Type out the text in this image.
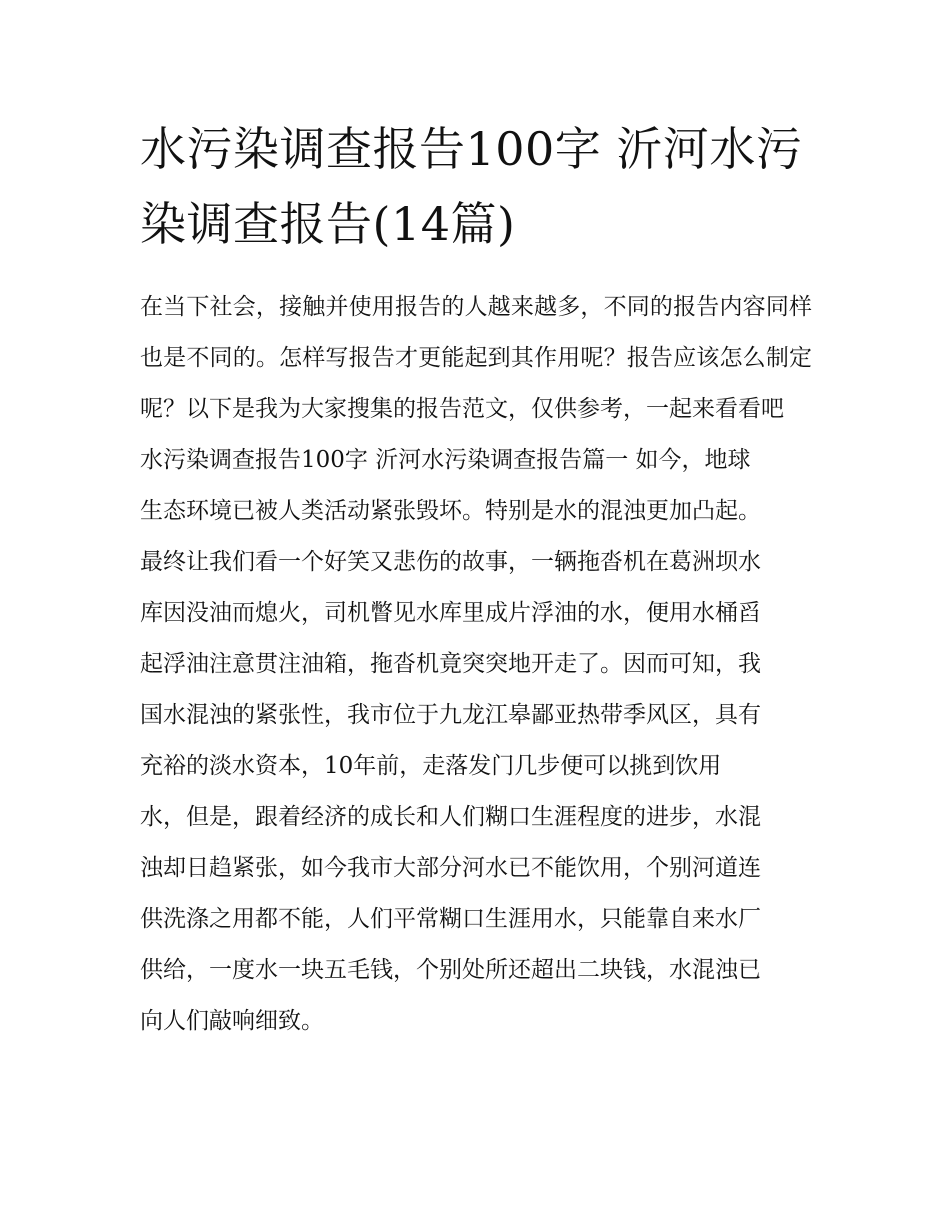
水污染调查报告100字 沂河水污染调查报告(14篇)

在当下社会，接触并使用报告的人越来越多，不同的报告内容同样也是不同的。怎样写报告才更能起到其作用呢？报告应该怎么制定呢？以下是我为大家搜集的报告范文，仅供参考，一起来看看吧

水污染调查报告100字 沂河水污染调查报告篇一 如今，地球

生态环境已被人类活动紧张毁坏。特别是水的混浊更加凸起。

最终让我们看一个好笑又悲伤的故事，一辆拖沓机在葛洲坝水

库因没油而熄火，司机瞥见水库里成片浮油的水，便用水桶舀

起浮油注意贯注油箱，拖沓机竟突突地开走了。因而可知，我

国水混浊的紧张性，我市位于九龙江皋鄙亚热带季风区，具有

充裕的淡水资本，10年前，走落发门几步便可以挑到饮用

水，但是，跟着经济的成长和人们糊口生涯程度的进步，水混

浊却日趋紧张，如今我市大部分河水已不能饮用，个别河道连

供洗涤之用都不能，人们平常糊口生涯用水，只能靠自来水厂

供给，一度水一块五毛钱，个别处所还超出二块钱，水混浊已

向人们敲响细致。
